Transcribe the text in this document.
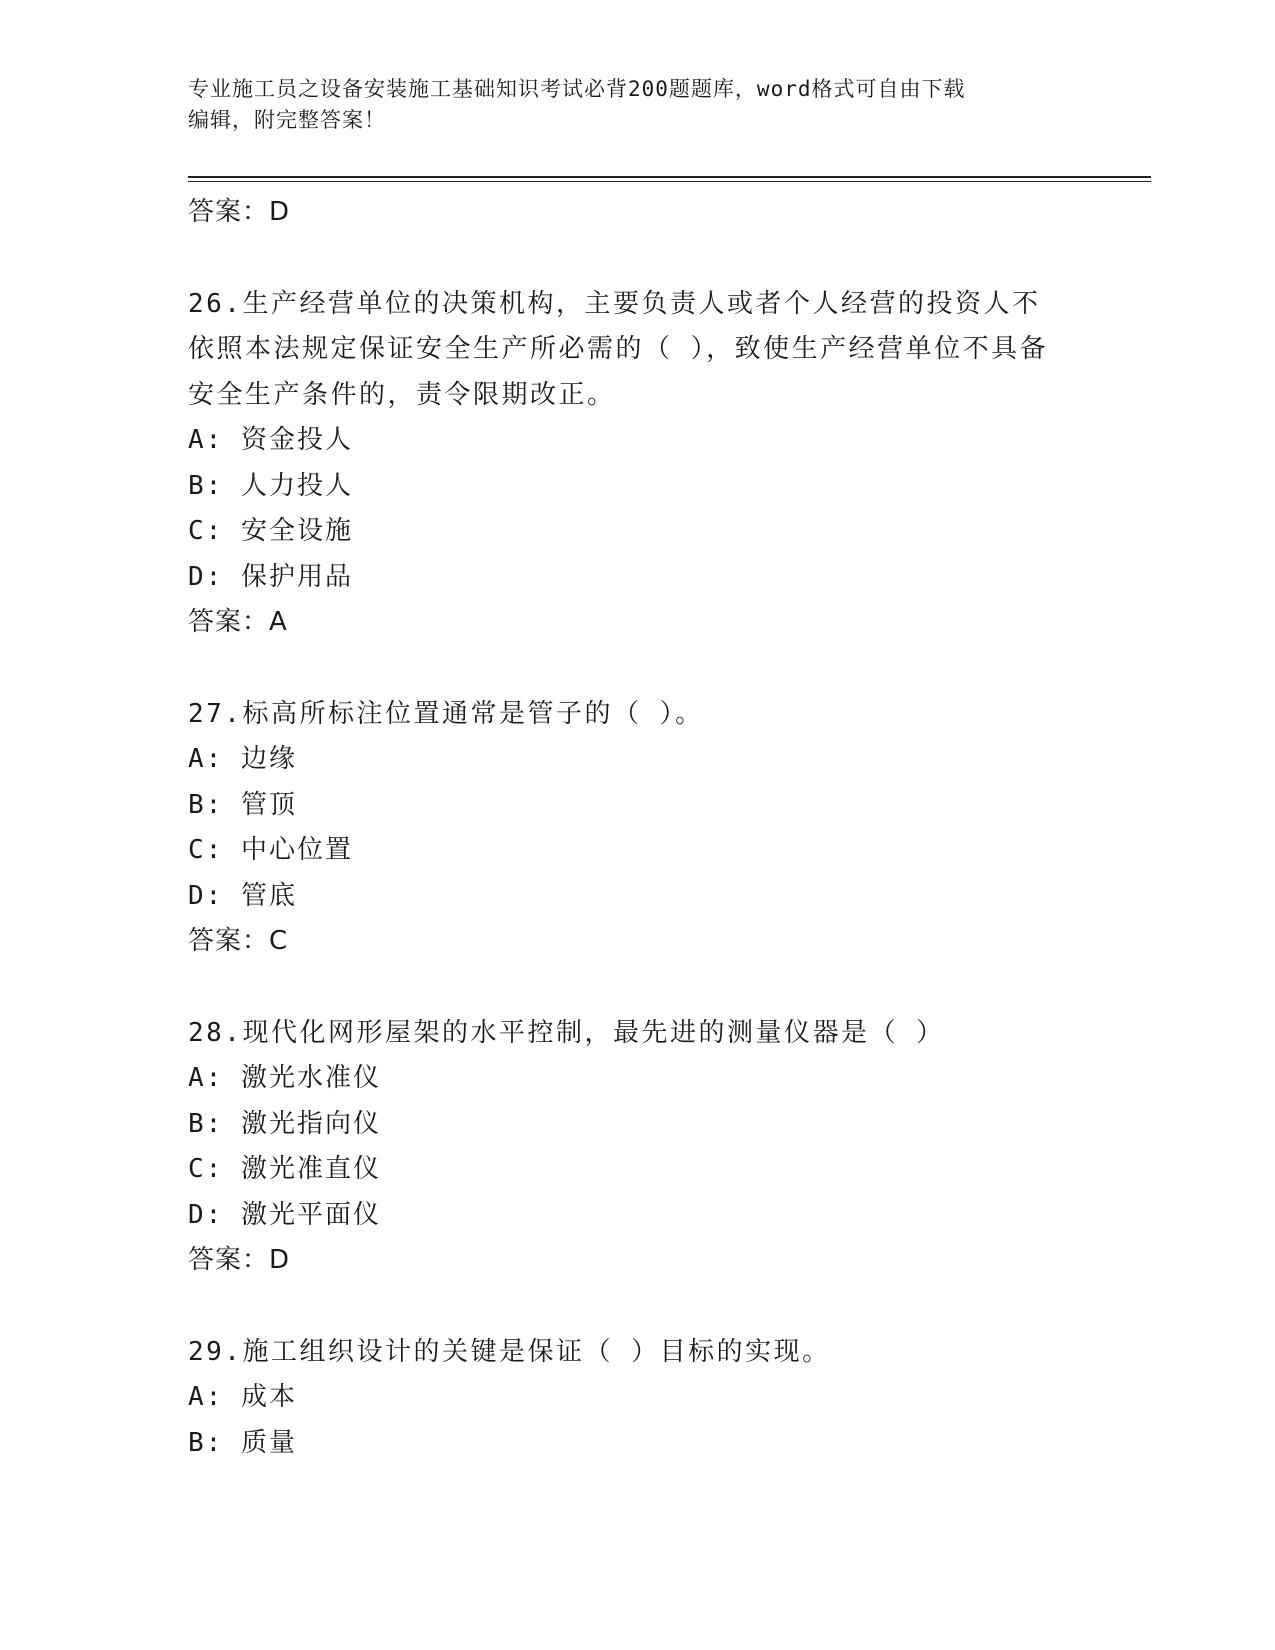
专业施工员之设备安装施工基础知识考试必背200题题库，word格式可自由下载
编辑，附完整答案！
答案：D
26.生产经营单位的决策机构，主要负责人或者个人经营的投资人不依照本法规定保证安全生产所必需的（ ），致使生产经营单位不具备安全生产条件的，责令限期改正。
A: 资金投人
B: 人力投人
C: 安全设施
D: 保护用品
答案：A
27.标高所标注位置通常是管子的（ ）。
A: 边缘
B: 管顶
C: 中心位置
D: 管底
答案：C
28.现代化网形屋架的水平控制，最先进的测量仪器是（ ）
A: 激光水准仪
B: 激光指向仪
C: 激光准直仪
D: 激光平面仪
答案：D
29.施工组织设计的关键是保证（ ）目标的实现。
A: 成本
B: 质量
